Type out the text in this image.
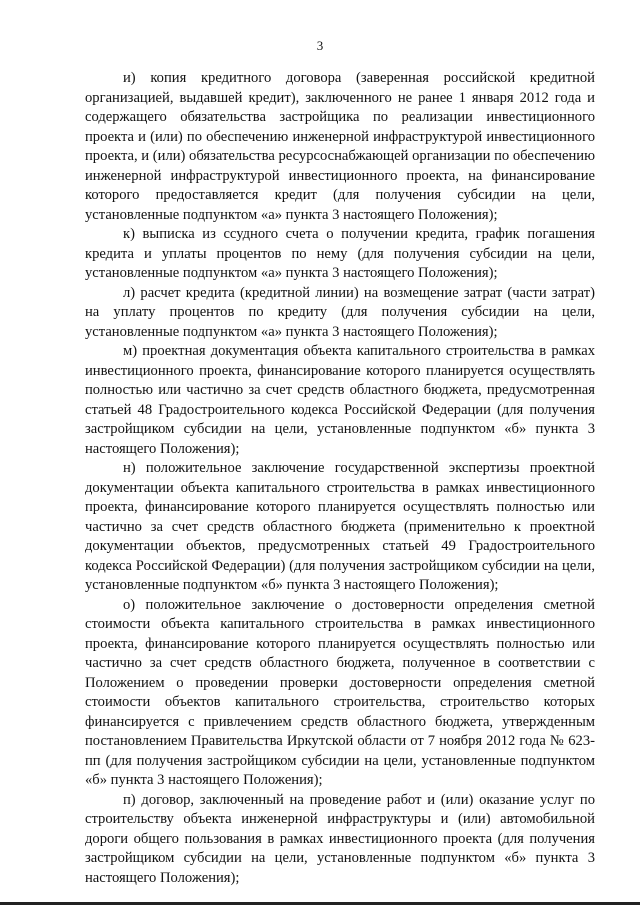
3

и) копия кредитного договора (заверенная российской кредитной организацией, выдавшей кредит), заключенного не ранее 1 января 2012 года и содержащего обязательства застройщика по реализации инвестиционного проекта и (или) по обеспечению инженерной инфраструктурой инвестиционного проекта, и (или) обязательства ресурсоснабжающей организации по обеспечению инженерной инфраструктурой инвестиционного проекта, на финансирование которого предоставляется кредит (для получения субсидии на цели, установленные подпунктом «а» пункта 3 настоящего Положения);

к) выписка из ссудного счета о получении кредита, график погашения кредита и уплаты процентов по нему (для получения субсидии на цели, установленные подпунктом «а» пункта 3 настоящего Положения);

л) расчет кредита (кредитной линии) на возмещение затрат (части затрат) на уплату процентов по кредиту (для получения субсидии на цели, установленные подпунктом «а» пункта 3 настоящего Положения);

м) проектная документация объекта капитального строительства в рамках инвестиционного проекта, финансирование которого планируется осуществлять полностью или частично за счет средств областного бюджета, предусмотренная статьей 48 Градостроительного кодекса Российской Федерации (для получения застройщиком субсидии на цели, установленные подпунктом «б» пункта 3 настоящего Положения);

н) положительное заключение государственной экспертизы проектной документации объекта капитального строительства в рамках инвестиционного проекта, финансирование которого планируется осуществлять полностью или частично за счет средств областного бюджета (применительно к проектной документации объектов, предусмотренных статьей 49 Градостроительного кодекса Российской Федерации) (для получения застройщиком субсидии на цели, установленные подпунктом «б» пункта 3 настоящего Положения);

о) положительное заключение о достоверности определения сметной стоимости объекта капитального строительства в рамках инвестиционного проекта, финансирование которого планируется осуществлять полностью или частично за счет средств областного бюджета, полученное в соответствии с Положением о проведении проверки достоверности определения сметной стоимости объектов капитального строительства, строительство которых финансируется с привлечением средств областного бюджета, утвержденным постановлением Правительства Иркутской области от 7 ноября 2012 года № 623-пп (для получения застройщиком субсидии на цели, установленные подпунктом «б» пункта 3 настоящего Положения);

п) договор, заключенный на проведение работ и (или) оказание услуг по строительству объекта инженерной инфраструктуры и (или) автомобильной дороги общего пользования в рамках инвестиционного проекта (для получения застройщиком субсидии на цели, установленные подпунктом «б» пункта 3 настоящего Положения);
